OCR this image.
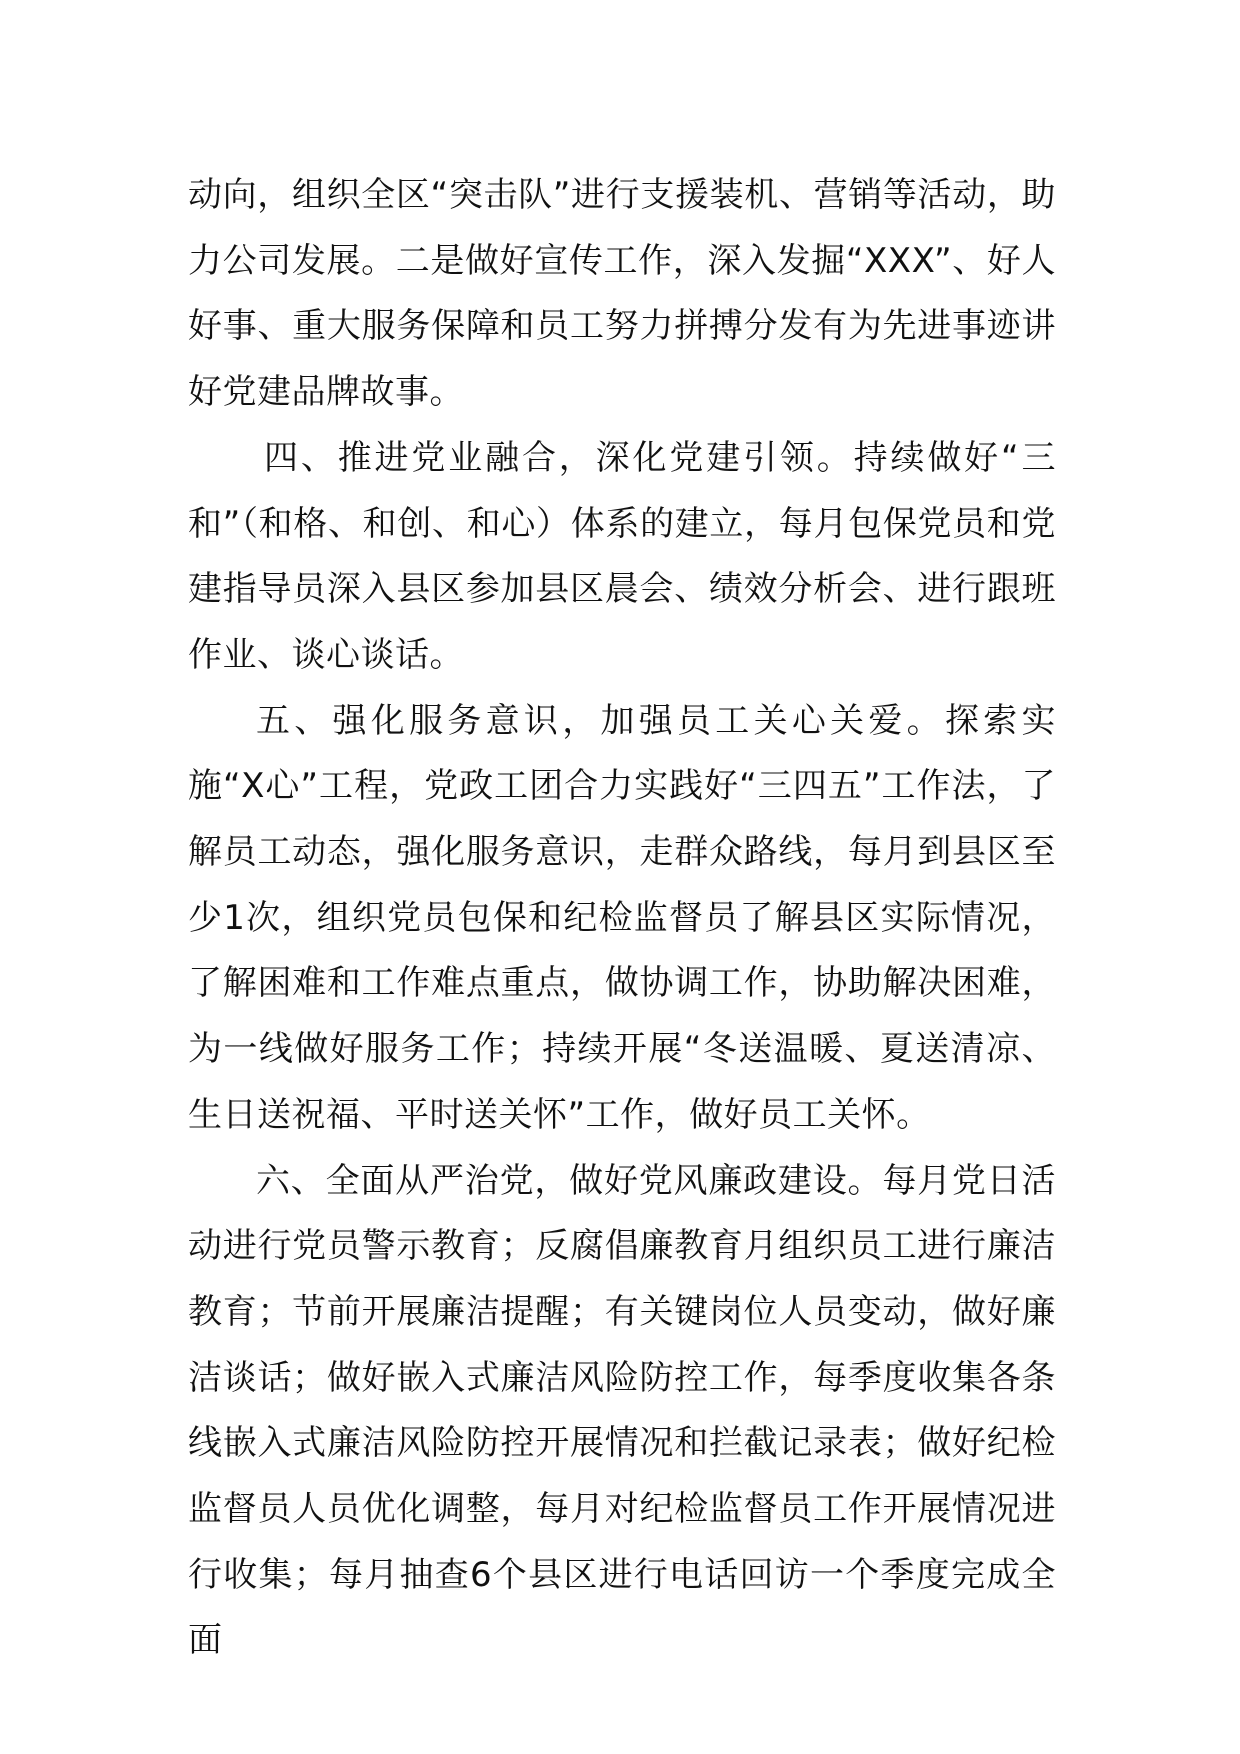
动向，组织全区“突击队”进行支援装机、营销等活动，助力公司发展。二是做好宣传工作，深入发掘“XXX”、好人好事、重大服务保障和员工努力拼搏分发有为先进事迹讲好党建品牌故事。

四、推进党业融合，深化党建引领。持续做好“三和”（和格、和创、和心）体系的建立，每月包保党员和党建指导员深入县区参加县区晨会、绩效分析会、进行跟班作业、谈心谈话。

五、强化服务意识，加强员工关心关爱。探索实施“X心”工程，党政工团合力实践好“三四五”工作法，了解员工动态，强化服务意识，走群众路线，每月到县区至少1次，组织党员包保和纪检监督员了解县区实际情况，了解困难和工作难点重点，做协调工作，协助解决困难，为一线做好服务工作；持续开展“冬送温暖、夏送清凉、生日送祝福、平时送关怀”工作，做好员工关怀。

六、全面从严治党，做好党风廉政建设。每月党日活动进行党员警示教育；反腐倡廉教育月组织员工进行廉洁教育；节前开展廉洁提醒；有关键岗位人员变动，做好廉洁谈话；做好嵌入式廉洁风险防控工作，每季度收集各条线嵌入式廉洁风险防控开展情况和拦截记录表；做好纪检监督员人员优化调整，每月对纪检监督员工作开展情况进行收集；每月抽查6个县区进行电话回访一个季度完成全面
